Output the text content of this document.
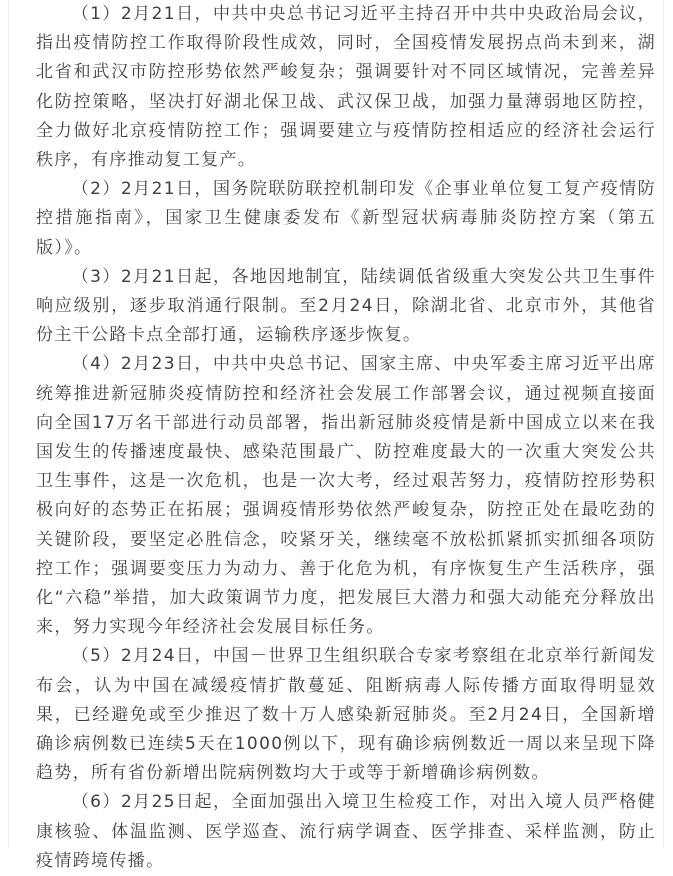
（1）2月21日，中共中央总书记习近平主持召开中共中央政治局会议，指出疫情防控工作取得阶段性成效，同时，全国疫情发展拐点尚未到来，湖北省和武汉市防控形势依然严峻复杂；强调要针对不同区域情况，完善差异化防控策略，坚决打好湖北保卫战、武汉保卫战，加强力量薄弱地区防控，全力做好北京疫情防控工作；强调要建立与疫情防控相适应的经济社会运行秩序，有序推动复工复产。

（2）2月21日，国务院联防联控机制印发《企事业单位复工复产疫情防控措施指南》，国家卫生健康委发布《新型冠状病毒肺炎防控方案（第五版）》。

（3）2月21日起，各地因地制宜，陆续调低省级重大突发公共卫生事件响应级别，逐步取消通行限制。至2月24日，除湖北省、北京市外，其他省份主干公路卡点全部打通，运输秩序逐步恢复。

（4）2月23日，中共中央总书记、国家主席、中央军委主席习近平出席统筹推进新冠肺炎疫情防控和经济社会发展工作部署会议，通过视频直接面向全国17万名干部进行动员部署，指出新冠肺炎疫情是新中国成立以来在我国发生的传播速度最快、感染范围最广、防控难度最大的一次重大突发公共卫生事件，这是一次危机，也是一次大考，经过艰苦努力，疫情防控形势积极向好的态势正在拓展；强调疫情形势依然严峻复杂，防控正处在最吃劲的关键阶段，要坚定必胜信念，咬紧牙关，继续毫不放松抓紧抓实抓细各项防控工作；强调要变压力为动力、善于化危为机，有序恢复生产生活秩序，强化“六稳”举措，加大政策调节力度，把发展巨大潜力和强大动能充分释放出来，努力实现今年经济社会发展目标任务。

（5）2月24日，中国－世界卫生组织联合专家考察组在北京举行新闻发布会，认为中国在减缓疫情扩散蔓延、阻断病毒人际传播方面取得明显效果，已经避免或至少推迟了数十万人感染新冠肺炎。至2月24日，全国新增确诊病例数已连续5天在1000例以下，现有确诊病例数近一周以来呈现下降趋势，所有省份新增出院病例数均大于或等于新增确诊病例数。

（6）2月25日起，全面加强出入境卫生检疫工作，对出入境人员严格健康核验、体温监测、医学巡查、流行病学调查、医学排查、采样监测，防止疫情跨境传播。
